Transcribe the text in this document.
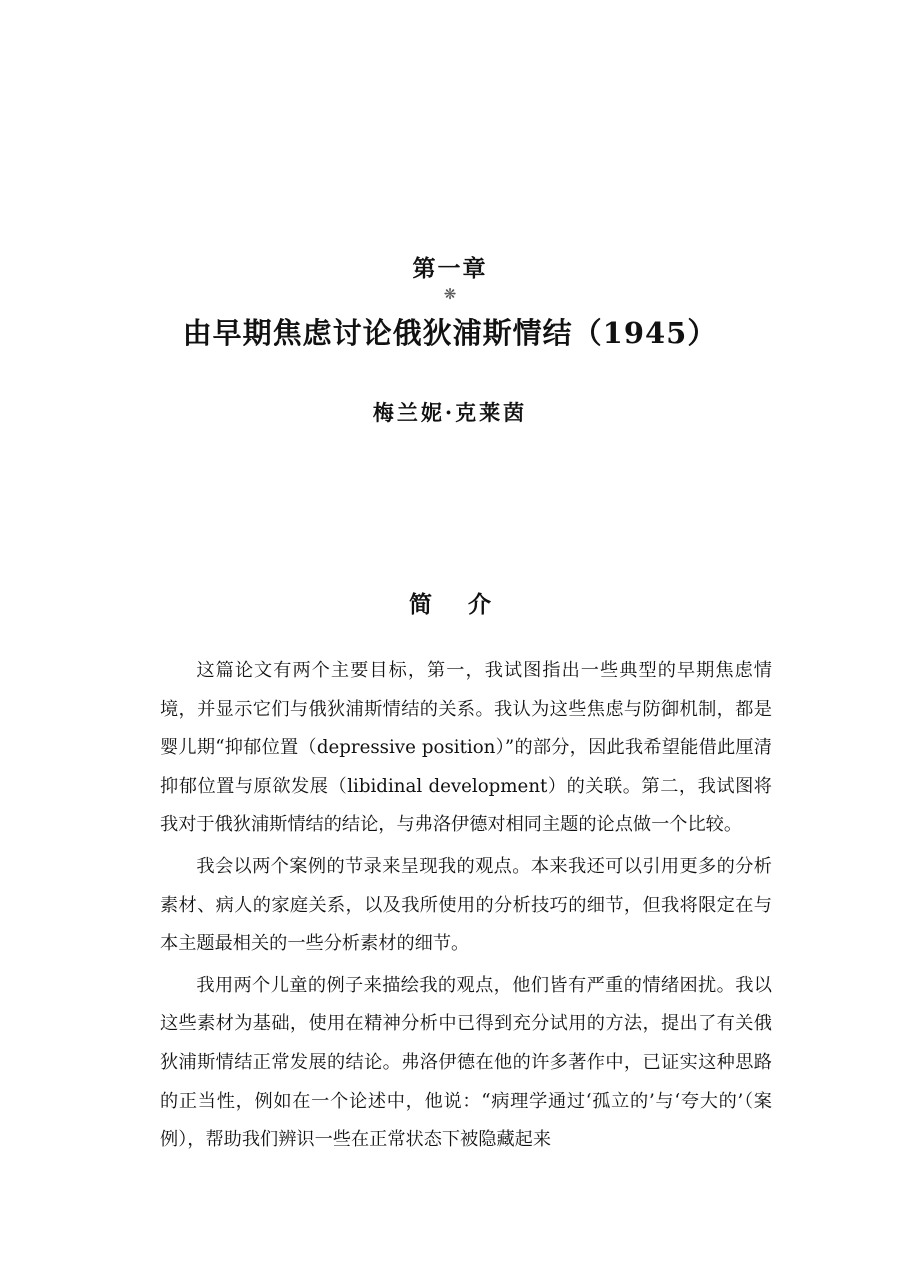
第一章
❋
由早期焦虑讨论俄狄浦斯情结（1945）
梅兰妮·克莱茵
简介

这篇论文有两个主要目标，第一，我试图指出一些典型的早期焦虑情境，并显示它们与俄狄浦斯情结的关系。我认为这些焦虑与防御机制，都是婴儿期“抑郁位置（depressive position）”的部分，因此我希望能借此厘清抑郁位置与原欲发展（libidinal development）的关联。第二，我试图将我对于俄狄浦斯情结的结论，与弗洛伊德对相同主题的论点做一个比较。

我会以两个案例的节录来呈现我的观点。本来我还可以引用更多的分析素材、病人的家庭关系，以及我所使用的分析技巧的细节，但我将限定在与本主题最相关的一些分析素材的细节。

我用两个儿童的例子来描绘我的观点，他们皆有严重的情绪困扰。我以这些素材为基础，使用在精神分析中已得到充分试用的方法，提出了有关俄狄浦斯情结正常发展的结论。弗洛伊德在他的许多著作中，已证实这种思路的正当性，例如在一个论述中，他说：“病理学通过‘孤立的’与‘夸大的’（案例），帮助我们辨识一些在正常状态下被隐藏起来
